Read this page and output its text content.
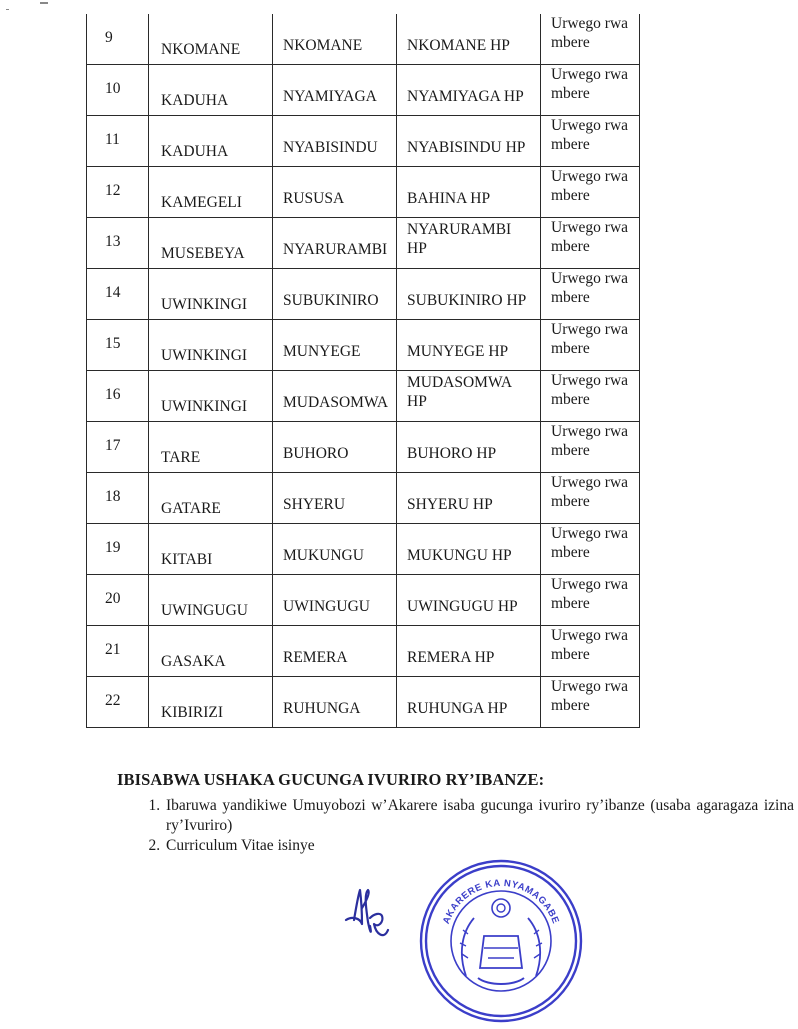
9	NKOMANE	NKOMANE	NKOMANE HP	Urwego rwa mbere

10	KADUHA	NYAMIYAGA	NYAMIYAGA HP	Urwego rwa mbere

11	KADUHA	NYABISINDU	NYABISINDU HP	Urwego rwa mbere

12	KAMEGELI	RUSUSA	BAHINA HP	Urwego rwa mbere

13	MUSEBEYA	NYARURAMBI	NYARURAMBI HP	Urwego rwa mbere

14	UWINKINGI	SUBUKINIRO	SUBUKINIRO HP	Urwego rwa mbere

15	UWINKINGI	MUNYEGE	MUNYEGE HP	Urwego rwa mbere

16	UWINKINGI	MUDASOMWA	MUDASOMWA HP	Urwego rwa mbere

17	TARE	BUHORO	BUHORO HP	Urwego rwa mbere

18	GATARE	SHYERU	SHYERU HP	Urwego rwa mbere

19	KITABI	MUKUNGU	MUKUNGU HP	Urwego rwa mbere

20	UWINGUGU	UWINGUGU	UWINGUGU HP	Urwego rwa mbere

21	GASAKA	REMERA	REMERA HP	Urwego rwa mbere

22	KIBIRIZI	RUHUNGA	RUHUNGA HP	Urwego rwa mbere
IBISABWA USHAKA GUCUNGA IVURIRO RY’IBANZE:
1. Ibaruwa yandikiwe Umuyobozi w’Akarere isaba gucunga ivuriro ry’ibanze (usaba agaragaza izina ry’Ivuriro)
2. Curriculum Vitae isinye
AKARERE KA NYAMAGABE
